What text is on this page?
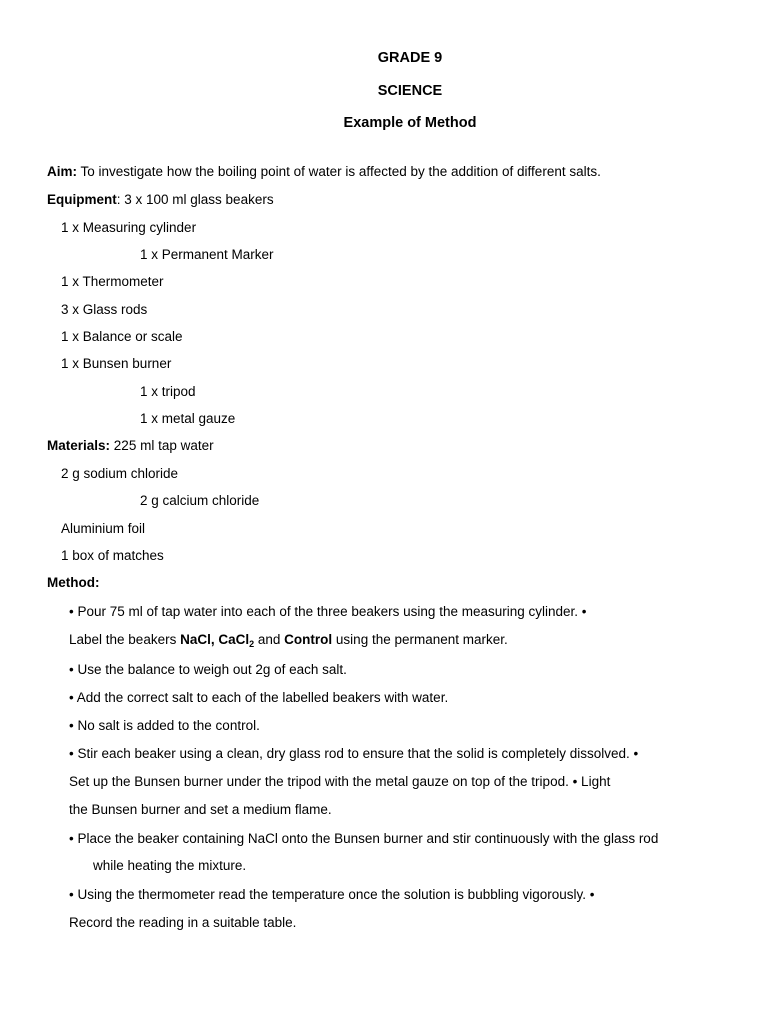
GRADE 9
SCIENCE
Example of Method
Aim: To investigate how the boiling point of water is affected by the addition of different salts.
Equipment: 3 x 100 ml glass beakers
1 x Measuring cylinder
1 x Permanent Marker
1 x Thermometer
3 x Glass rods
1 x Balance or scale
1 x Bunsen burner
1 x tripod
1 x metal gauze
Materials: 225 ml tap water
2 g sodium chloride
2 g calcium chloride
Aluminium foil
1 box of matches
Method:
• Pour 75 ml of tap water into each of the three beakers using the measuring cylinder. •
Label the beakers NaCl, CaCl$_2$ and Control using the permanent marker.
• Use the balance to weigh out 2g of each salt.
• Add the correct salt to each of the labelled beakers with water.
• No salt is added to the control.
• Stir each beaker using a clean, dry glass rod to ensure that the solid is completely dissolved. •
Set up the Bunsen burner under the tripod with the metal gauze on top of the tripod. • Light
the Bunsen burner and set a medium flame.
• Place the beaker containing NaCl onto the Bunsen burner and stir continuously with the glass rod
while heating the mixture.
• Using the thermometer read the temperature once the solution is bubbling vigorously. •
Record the reading in a suitable table.
